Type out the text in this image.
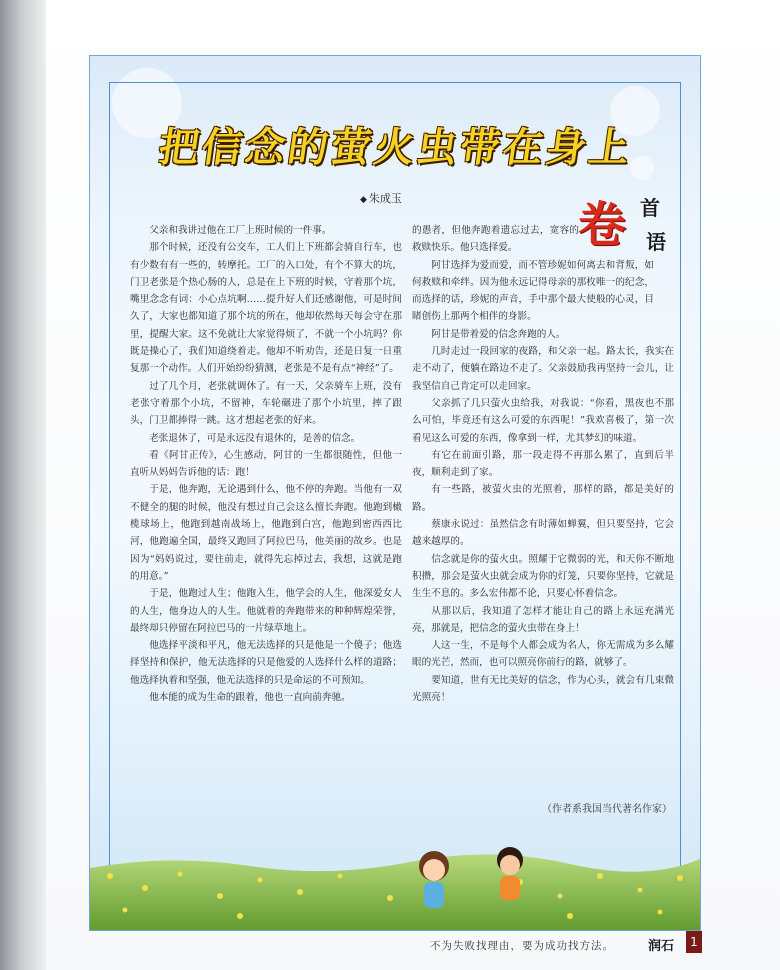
把信念的萤火虫带在身上
◆ 朱成玉	卷 首
语

父亲和我讲过他在工厂上班时候的一件事。

那个时候，还没有公交车，工人们上下班都会骑自行车，也有少数有有一些的，转摩托。工厂的入口处，有个不算大的坑，门卫老张是个热心肠的人，总是在上下班的时候，守着那个坑，嘴里念念有词：小心点坑啊……提升好人们还感谢他，可是时间久了，大家也都知道了那个坑的所在，他却依然每天每会守在那里，提醒大家。这不免就让大家觉得烦了，不就一个小坑吗？你既是操心了，我们知道绕着走。他却不听劝告，还是日复一日重复那一个动作。人们开始纷纷猜测，老张是不是有点“神经”了。

过了几个月，老张就调休了。有一天，父亲骑车上班，没有老张守着那个小坑，不留神，车轮碾进了那个小坑里，摔了跟头，门卫都捧得一跳。这才想起老张的好来。

老张退休了，可是永远没有退休的，是善的信念。

看《阿甘正传》，心生感动，阿甘的一生都很随性，但他一直听从妈妈告诉他的话：跑！

于是，他奔跑，无论遇到什么，他不停的奔跑。当他有一双不健全的腿的时候，他没有想过自己会这么擅长奔跑。他跑到橄榄球场上，他跑到越南战场上，他跑到白宫，他跑到密西西比河，他跑遍全国，最终又跑回了阿拉巴马，他美丽的故乡。也是因为“妈妈说过，要往前走，就得先忘掉过去，我想，这就是跑的用意。”

于是，他跑过人生；他跑入生，他学会的人生，他深爱女人的人生，他身边人的人生。他就着的奔跑带来的种种辉煌荣誉，最终却只停留在阿拉巴马的一片绿草地上。

他选择平淡和平凡，他无法选择的只是他是一个傻子；他选择坚持和保护，他无法选择的只是他爱的人选择什么样的道路；他选择执着和坚强，他无法选择的只是命运的不可预知。

他本能的成为生命的跟着，他也一直向前奔驰。

的愚者，但他奔跑着遗忘过去，宽容的救赎快乐。他只选择爱。

阿甘选择为爱而爱，而不管珍妮如何离去和背叛，如何救赎和牵绊。因为他永远记得母亲的那枚唯一的纪念，而选择的话，珍妮的声音，手中那个最大使般的心灵，目睹创伤上那两个相伴的身影。

阿甘是带着爱的信念奔跑的人。

几时走过一段回家的夜路，和父亲一起。路太长，我实在走不动了，便躺在路边不走了。父亲鼓励我再坚持一会儿，让我坚信自己肯定可以走回家。

父亲抓了几只萤火虫给我，对我说：“你看，黑夜也不那么可怕，毕竟还有这么可爱的东西呢！”我欢喜极了，第一次看见这么可爱的东西，像拿到一样，尤其梦幻的味道。

有它在前面引路，那一段走得不再那么累了，直到后半夜，顺利走到了家。

有一些路，被萤火虫的光照着，那样的路，都是美好的路。

蔡康永说过：虽然信念有时薄如蝉翼，但只要坚持，它会越来越厚的。

信念就是你的萤火虫。照耀于它微弱的光，和天你不断地积攒，那会是萤火虫就会成为你的灯笼，只要你坚持，它就是生生不息的。多么宏伟都不论，只要心怀着信念。

从那以后，我知道了怎样才能让自己的路上永远充满光亮，那就是，把信念的萤火虫带在身上！

人这一生，不是每个人都会成为名人，你无需成为多么耀眼的光芒，然而，也可以照亮你前行的路，就够了。

要知道，世有无比美好的信念，作为心头，就会有几束微光照亮！

（作者系我国当代著名作家）
不为失败找理由，要为成功找方法。	润石	1
